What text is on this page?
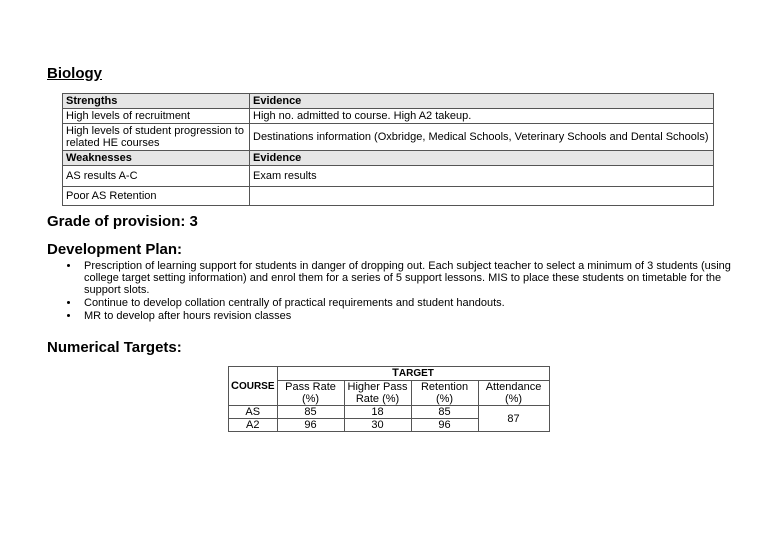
Biology
Strengths	Evidence
High levels of recruitment	High no. admitted to course. High A2 takeup.
High levels of student progression to related HE courses	Destinations information (Oxbridge, Medical Schools, Veterinary Schools and Dental Schools)
Weaknesses	Evidence
AS results A-C	Exam results
Poor AS Retention	
Grade of provision: 3
Development Plan:
• Prescription of learning support for students in danger of dropping out. Each subject teacher to select a minimum of 3 students (using college target setting information) and enrol them for a series of 5 support lessons. MIS to place these students on timetable for the support slots.
• Continue to develop collation centrally of practical requirements and student handouts.
• MR to develop after hours revision classes
Numerical Targets:
COURSE	TARGET			
	Pass Rate (%)	Higher Pass Rate (%)	Retention (%)	Attendance (%)
AS	85	18	85	87
A2	96	30	96	
